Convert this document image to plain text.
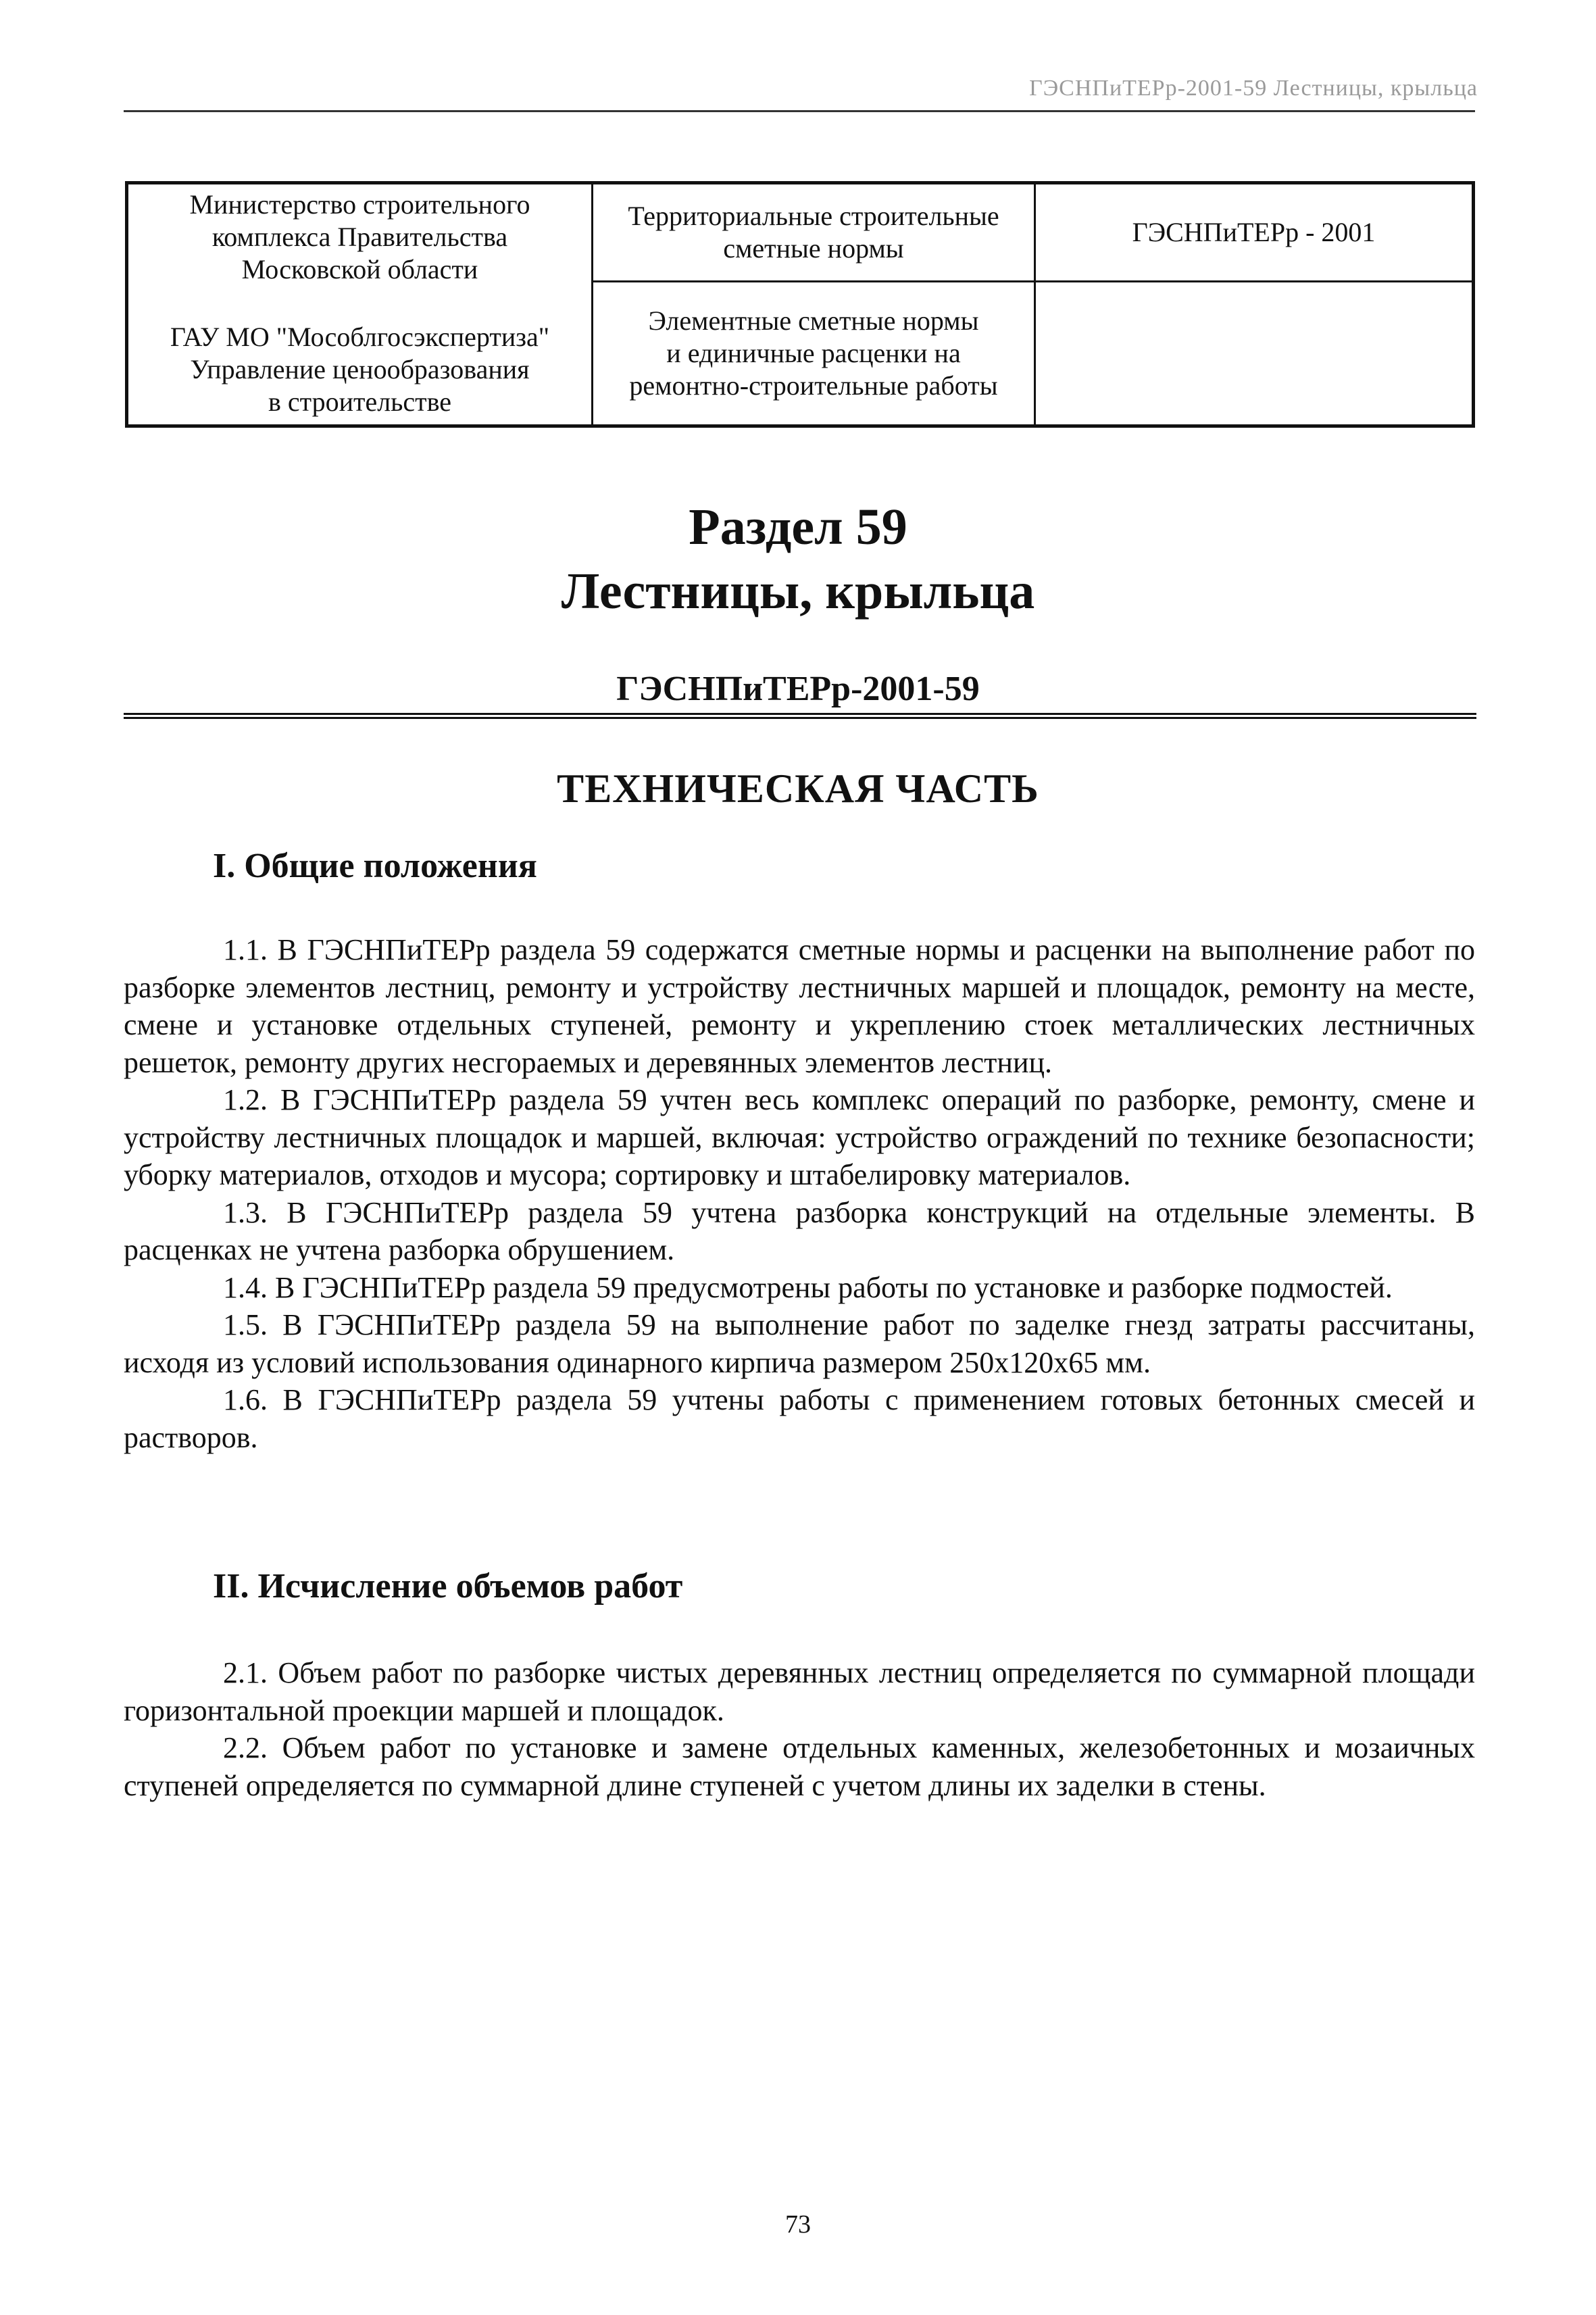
ГЭСНПиТЕРр-2001-59 Лестницы, крыльца
Министерство строительного
комплекса Правительства
Московской области
ГАУ МО "Мособлгосэкспертиза"
Управление ценообразования
в строительстве
Территориальные строительные
сметные нормы
ГЭСНПиТЕРр - 2001
Элементные сметные нормы
и единичные расценки на
ремонтно-строительные работы
Раздел 59
Лестницы, крыльца
ГЭСНПиТЕРр-2001-59
ТЕХНИЧЕСКАЯ ЧАСТЬ
I. Общие положения

1.1. В ГЭСНПиТЕРр раздела 59 содержатся сметные нормы и расценки на выполнение работ по разборке элементов лестниц, ремонту и устройству лестничных маршей и площадок, ремонту на месте, смене и установке отдельных ступеней, ремонту и укреплению стоек металлических лестничных решеток, ремонту других несгораемых и деревянных элементов лестниц.

1.2. В ГЭСНПиТЕРр раздела 59 учтен весь комплекс операций по разборке, ремонту, смене и устройству лестничных площадок и маршей, включая: устройство ограждений по технике безопасности; уборку материалов, отходов и мусора; сортировку и штабелировку материалов.

1.3. В ГЭСНПиТЕРр раздела 59 учтена разборка конструкций на отдельные элементы. В расценках не учтена разборка обрушением.

1.4. В ГЭСНПиТЕРр раздела 59 предусмотрены работы по установке и разборке подмостей.

1.5. В ГЭСНПиТЕРр раздела 59 на выполнение работ по заделке гнезд затраты рассчитаны, исходя из условий использования одинарного кирпича размером 250х120х65 мм.

1.6. В ГЭСНПиТЕРр раздела 59 учтены работы с применением готовых бетонных смесей и растворов.

II. Исчисление объемов работ

2.1. Объем работ по разборке чистых деревянных лестниц определяется по суммарной площади горизонтальной проекции маршей и площадок.

2.2. Объем работ по установке и замене отдельных каменных, железобетонных и мозаичных ступеней определяется по суммарной длине ступеней с учетом длины их заделки в стены.

73
